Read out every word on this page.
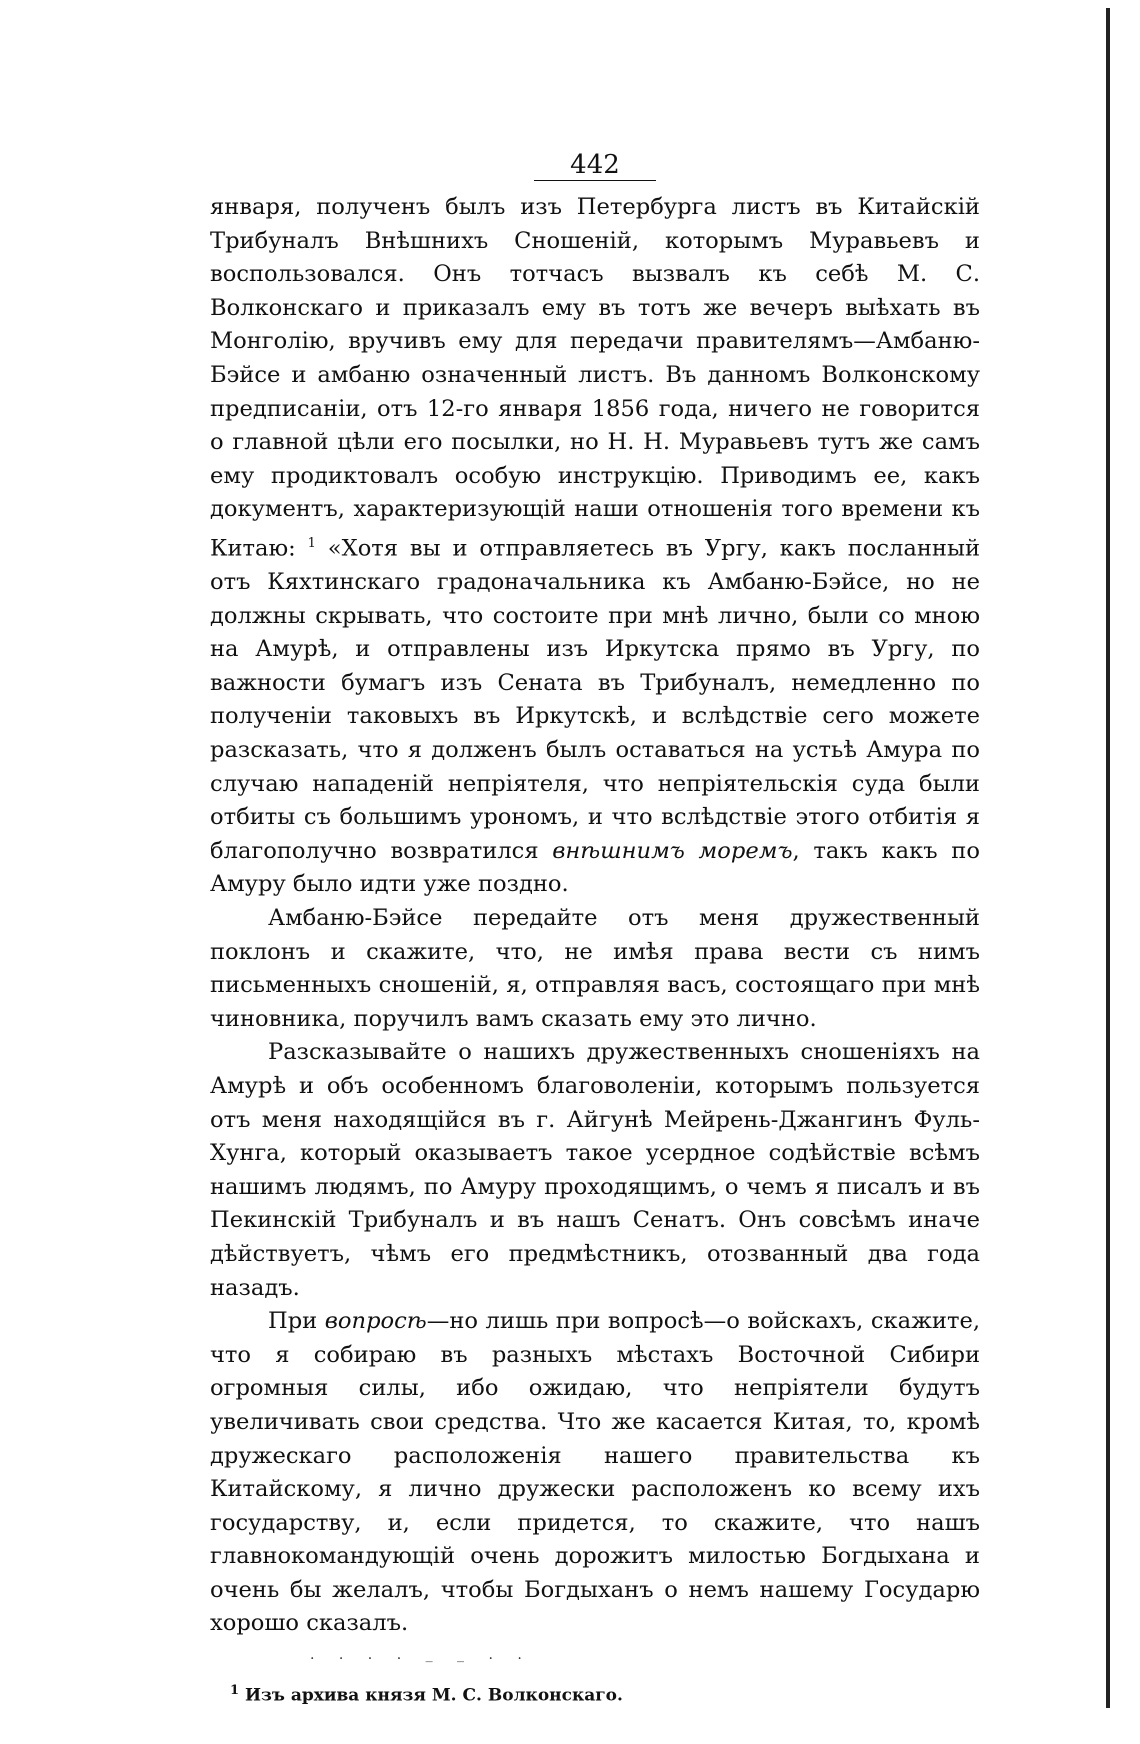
442

января, полученъ былъ изъ Петербурга листъ въ Китайскій Трибуналъ Внѣшнихъ Сношеній, которымъ Муравьевъ и воспользовался. Онъ тотчасъ вызвалъ къ себѣ М. С. Волконскаго и приказалъ ему въ тотъ же вечеръ выѣхать въ Монголію, вручивъ ему для передачи правителямъ—Амбаню-Бэйсе и амбаню означенный листъ. Въ данномъ Волконскому предписаніи, отъ 12-го января 1856 года, ничего не говорится о главной цѣли его посылки, но Н. Н. Муравьевъ тутъ же самъ ему продиктовалъ особую инструкцію. Приводимъ ее, какъ документъ, характеризующій наши отношенія того времени къ Китаю: $^1$ «Хотя вы и отправляетесь въ Ургу, какъ посланный отъ Кяхтинскаго градоначальника къ Амбаню-Бэйсе, но не должны скрывать, что состоите при мнѣ лично, были со мною на Амурѣ, и отправлены изъ Иркутска прямо въ Ургу, по важности бумагъ изъ Сената въ Трибуналъ, немедленно по полученіи таковыхъ въ Иркутскѣ, и вслѣдствіе сего можете разсказать, что я долженъ былъ оставаться на устьѣ Амура по случаю нападеній непріятеля, что непріятельскія суда были отбиты съ большимъ урономъ, и что вслѣдствіе этого отбитія я благополучно возвратился внѣшнимъ моремъ, такъ какъ по Амуру было идти уже поздно.

Амбаню-Бэйсе передайте отъ меня дружественный поклонъ и скажите, что, не имѣя права вести съ нимъ письменныхъ сношеній, я, отправляя васъ, состоящаго при мнѣ чиновника, поручилъ вамъ сказать ему это лично.

Разсказывайте о нашихъ дружественныхъ сношеніяхъ на Амурѣ и объ особенномъ благоволеніи, которымъ пользуется отъ меня находящійся въ г. Айгунѣ Мейрень-Джангинъ Фуль-Хунга, который оказываетъ такое усердное содѣйствіе всѣмъ нашимъ людямъ, по Амуру проходящимъ, о чемъ я писалъ и въ Пекинскій Трибуналъ и въ нашъ Сенатъ. Онъ совсѣмъ иначе дѣйствуетъ, чѣмъ его предмѣстникъ, отозванный два года назадъ.

При вопросѣ—но лишь при вопросѣ—о войскахъ, скажите, что я собираю въ разныхъ мѣстахъ Восточной Сибири огромныя силы, ибо ожидаю, что непріятели будутъ увеличивать свои средства. Что же касается Китая, то, кромѣ дружескаго расположенія нашего правительства къ Китайскому, я лично дружески расположенъ ко всему ихъ государству, и, если придется, то скажите, что нашъ главнокомандующій очень дорожитъ милостью Богдыхана и очень бы желалъ, чтобы Богдыханъ о немъ нашему Государю хорошо сказалъ.

. . . . _ _ . .
$^1$ Изъ архива князя М. С. Волконскаго.
